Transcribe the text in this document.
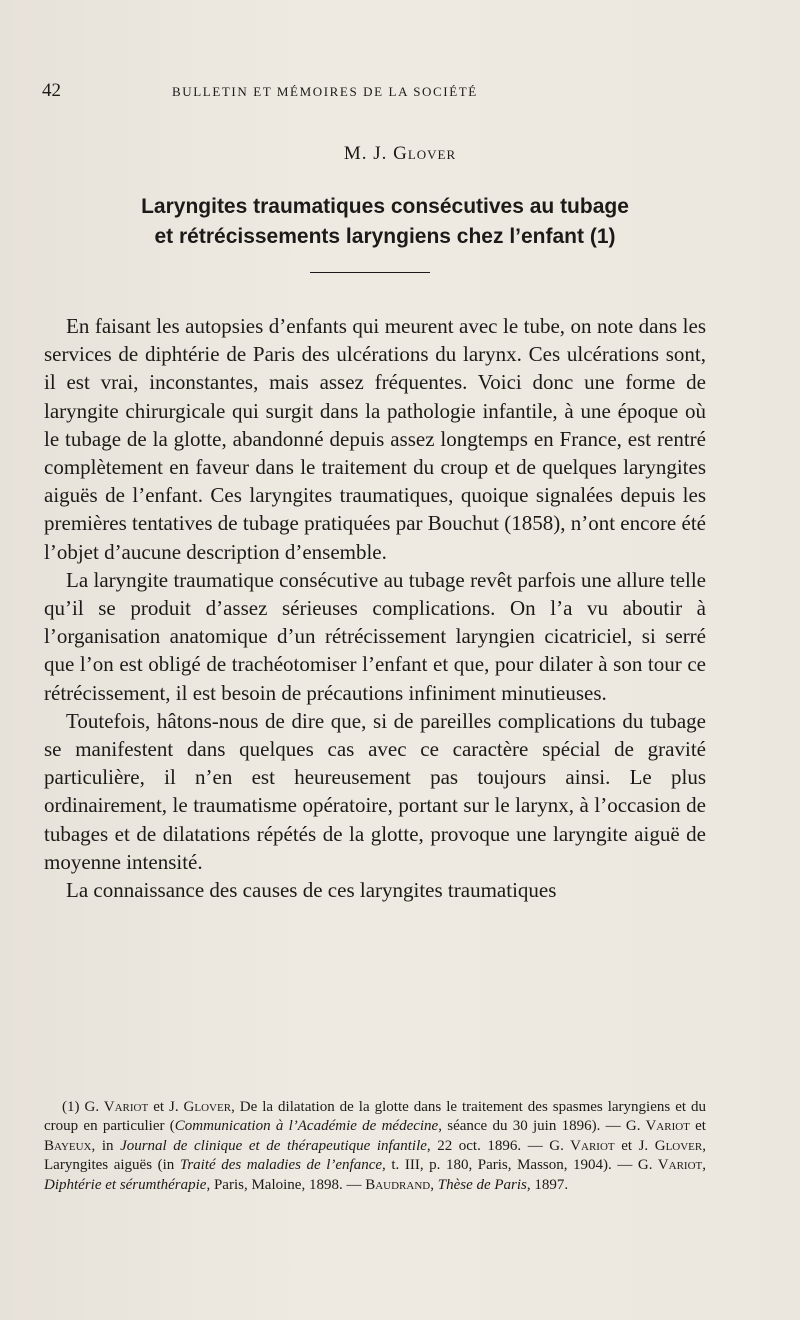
42	BULLETIN ET MÉMOIRES DE LA SOCIÉTÉ
M. J. Glover
Laryngites traumatiques consécutives au tubage
et rétrécissements laryngiens chez l’enfant (1)

En faisant les autopsies d’enfants qui meurent avec le tube, on note dans les services de diphtérie de Paris des ulcérations du larynx. Ces ulcérations sont, il est vrai, inconstantes, mais assez fréquentes. Voici donc une forme de laryngite chirurgicale qui surgit dans la pathologie infantile, à une époque où le tubage de la glotte, abandonné depuis assez longtemps en France, est rentré complètement en faveur dans le traitement du croup et de quelques laryngites aiguës de l’enfant. Ces laryngites traumatiques, quoique signalées depuis les premières tentatives de tubage pratiquées par Bouchut (1858), n’ont encore été l’objet d’aucune description d’ensemble.

La laryngite traumatique consécutive au tubage revêt parfois une allure telle qu’il se produit d’assez sérieuses complications. On l’a vu aboutir à l’organisation anatomique d’un rétrécissement laryngien cicatriciel, si serré que l’on est obligé de trachéotomiser l’enfant et que, pour dilater à son tour ce rétrécissement, il est besoin de précautions infiniment minutieuses.

Toutefois, hâtons-nous de dire que, si de pareilles complications du tubage se manifestent dans quelques cas avec ce caractère spécial de gravité particulière, il n’en est heureusement pas toujours ainsi. Le plus ordinairement, le traumatisme opératoire, portant sur le larynx, à l’occasion de tubages et de dilatations répétés de la glotte, provoque une laryngite aiguë de moyenne intensité.

La connaissance des causes de ces laryngites traumatiques

(1) G. Variot et J. Glover, De la dilatation de la glotte dans le traitement des spasmes laryngiens et du croup en particulier (Communication à l’Académie de médecine, séance du 30 juin 1896). — G. Variot et Bayeux, in Journal de clinique et de thérapeutique infantile, 22 oct. 1896. — G. Variot et J. Glover, Laryngites aiguës (in Traité des maladies de l’enfance, t. III, p. 180, Paris, Masson, 1904). — G. Variot, Diphtérie et sérumthérapie, Paris, Maloine, 1898. — Baudrand, Thèse de Paris, 1897.
